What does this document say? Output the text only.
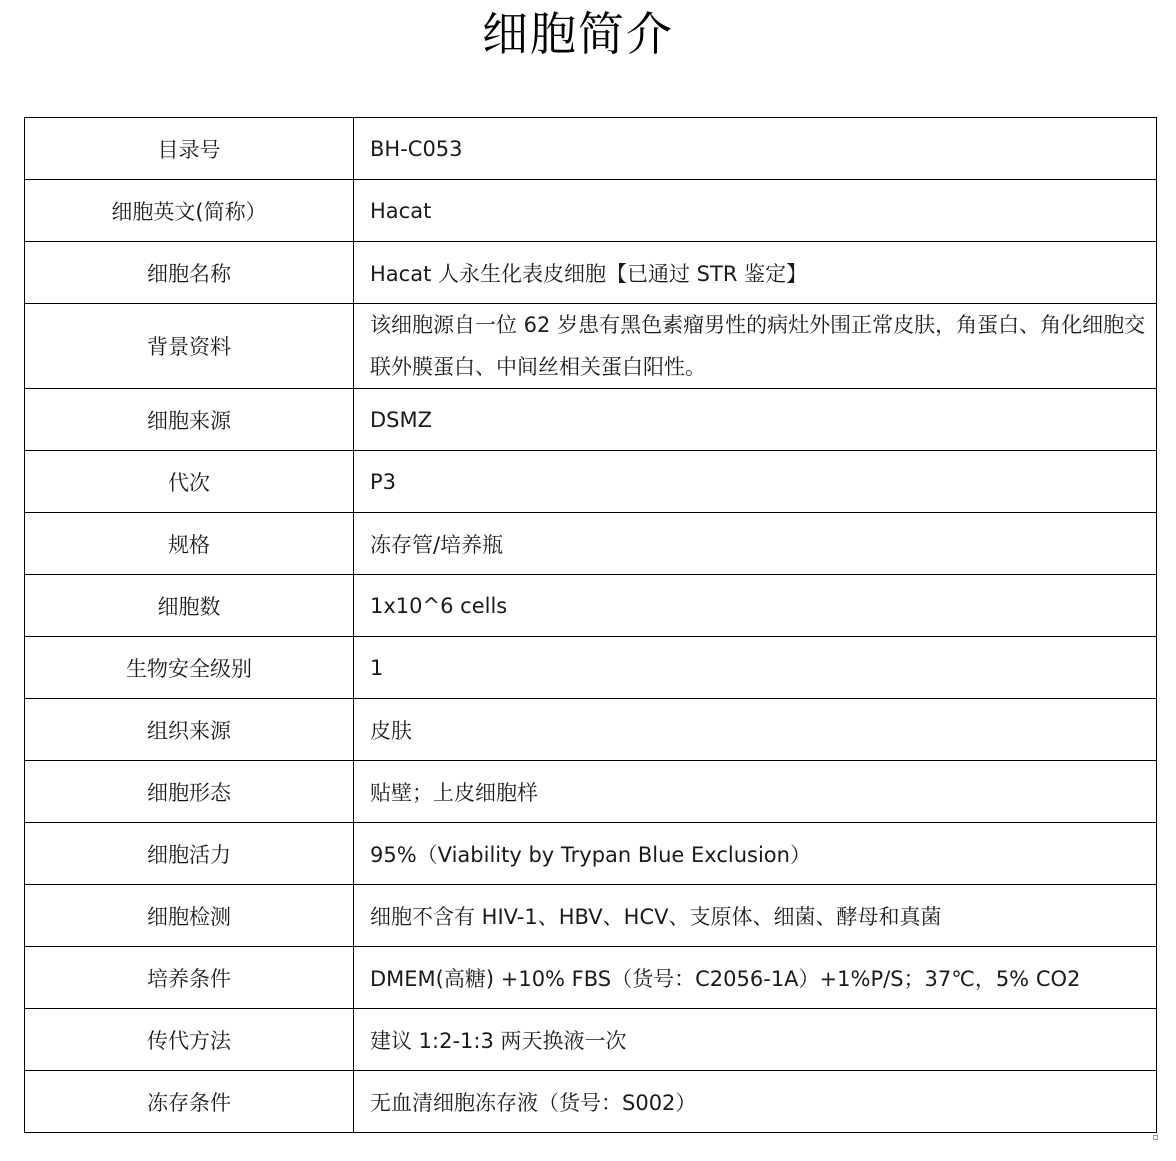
细胞简介
目录号	BH-C053
细胞英文(简称）	Hacat
细胞名称	Hacat 人永生化表皮细胞【已通过 STR 鉴定】
背景资料	该细胞源自一位 62 岁患有黑色素瘤男性的病灶外围正常皮肤，角蛋白、角化细胞交联外膜蛋白、中间丝相关蛋白阳性。
细胞来源	DSMZ
代次	P3
规格	冻存管/培养瓶
细胞数	1x10^6 cells
生物安全级别	1
组织来源	皮肤
细胞形态	贴壁；上皮细胞样
细胞活力	95%（Viability by Trypan Blue Exclusion）
细胞检测	细胞不含有 HIV-1、HBV、HCV、支原体、细菌、酵母和真菌
培养条件	DMEM(高糖) +10% FBS（货号：C2056-1A）+1%P/S；37℃，5% CO2
传代方法	建议 1:2-1:3 两天换液一次
冻存条件	无血清细胞冻存液（货号：S002）
